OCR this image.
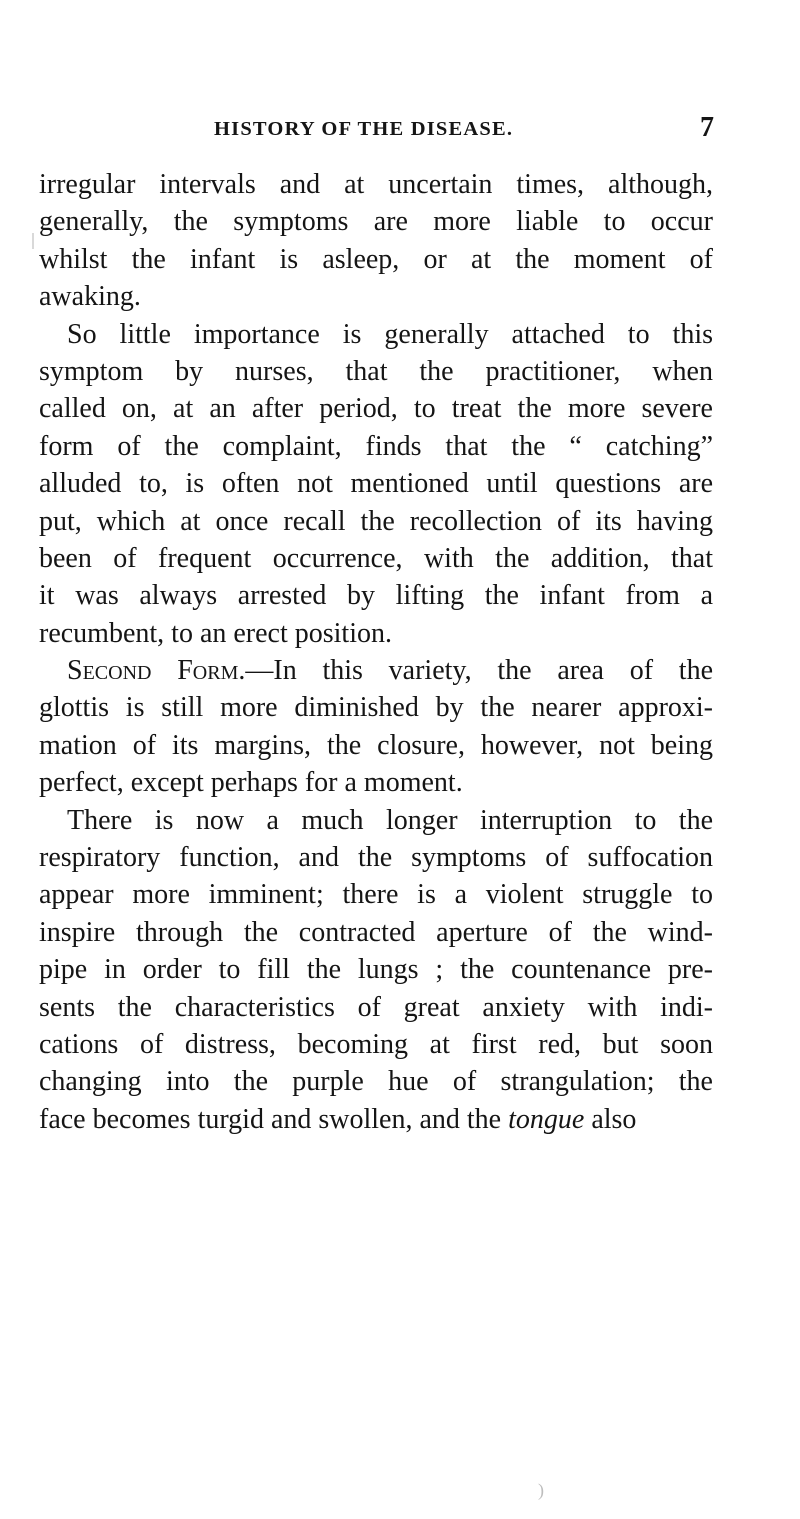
HISTORY OF THE DISEASE.	7
irregular intervals and at uncertain times, although,
generally, the symptoms are more liable to occur
whilst the infant is asleep, or at the moment of
awaking.
So little importance is generally attached to this
symptom by nurses, that the practitioner, when
called on, at an after period, to treat the more severe
form of the complaint, finds that the “ catching”
alluded to, is often not mentioned until questions are
put, which at once recall the recollection of its having
been of frequent occurrence, with the addition, that
it was always arrested by lifting the infant from a
recumbent, to an erect position.
Second Form.—In this variety, the area of the
glottis is still more diminished by the nearer approxi-
mation of its margins, the closure, however, not being
perfect, except perhaps for a moment.
There is now a much longer interruption to the
respiratory function, and the symptoms of suffocation
appear more imminent; there is a violent struggle to
inspire through the contracted aperture of the wind-
pipe in order to fill the lungs ; the countenance pre-
sents the characteristics of great anxiety with indi-
cations of distress, becoming at first red, but soon
changing into the purple hue of strangulation; the
face becomes turgid and swollen, and the tongue also
)
